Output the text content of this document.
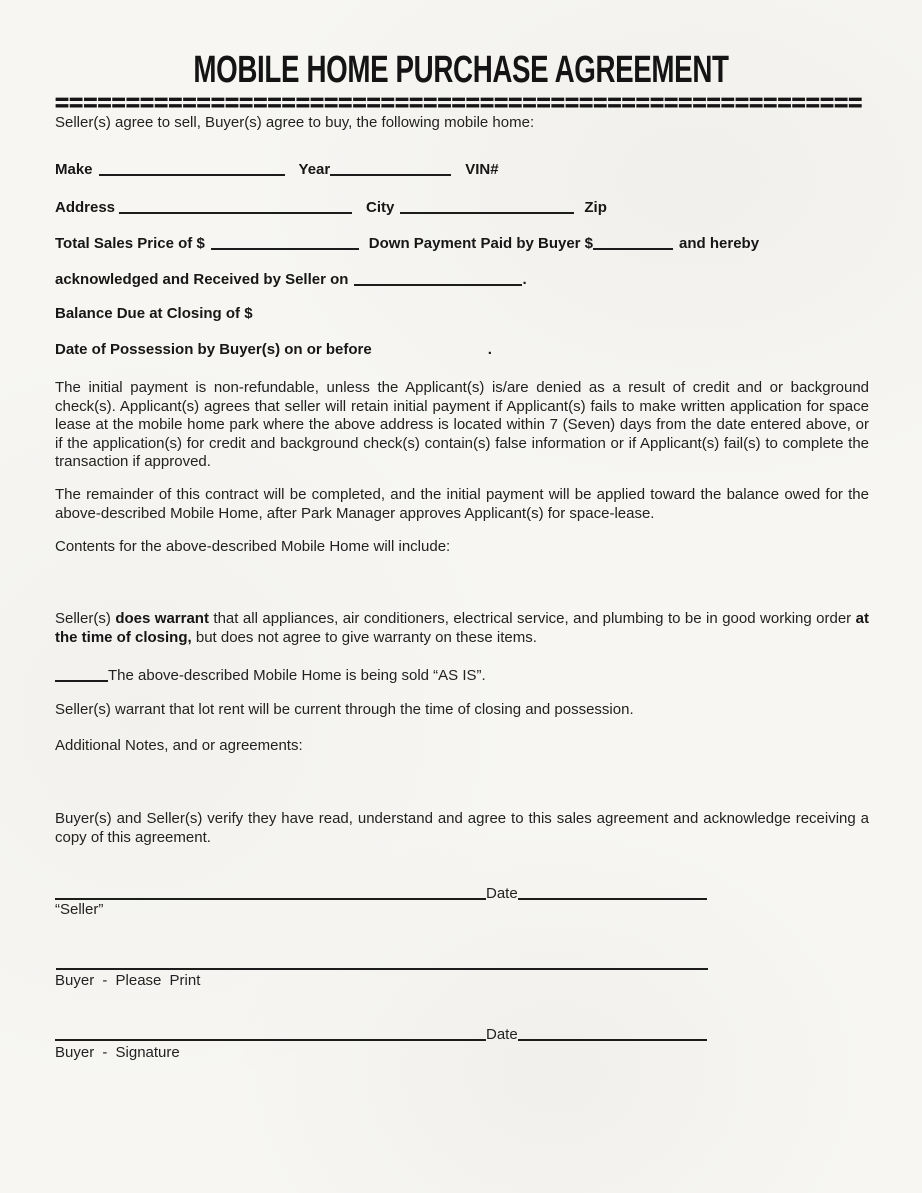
MOBILE HOME PURCHASE AGREEMENT
=========================================================
Seller(s) agree to sell, Buyer(s) agree to buy, the following mobile home:
Make	Year	VIN#
Address	City	Zip
Total Sales Price of $	Down Payment Paid by Buyer $	and hereby
acknowledged and Received by Seller on	.
Balance Due at Closing of $
Date of Possession by Buyer(s) on or before	.

The initial payment is non-refundable, unless the Applicant(s) is/are denied as a result of credit and or background check(s). Applicant(s) agrees that seller will retain initial payment if Applicant(s) fails to make written application for space lease at the mobile home park where the above address is located within 7 (Seven) days from the date entered above, or if the application(s) for credit and background check(s) contain(s) false information or if Applicant(s) fail(s) to complete the transaction if approved.

The remainder of this contract will be completed, and the initial payment will be applied toward the balance owed for the above-described Mobile Home, after Park Manager approves Applicant(s) for space-lease.

Contents for the above-described Mobile Home will include:

Seller(s) does warrant that all appliances, air conditioners, electrical service, and plumbing to be in good working order at the time of closing, but does not agree to give warranty on these items.

The above-described Mobile Home is being sold “AS IS”.
Seller(s) warrant that lot rent will be current through the time of closing and possession.
Additional Notes, and or agreements:

Buyer(s) and Seller(s) verify they have read, understand and agree to this sales agreement and acknowledge receiving a copy of this agreement.

Date
“Seller”
Buyer - Please Print
Date
Buyer - Signature
